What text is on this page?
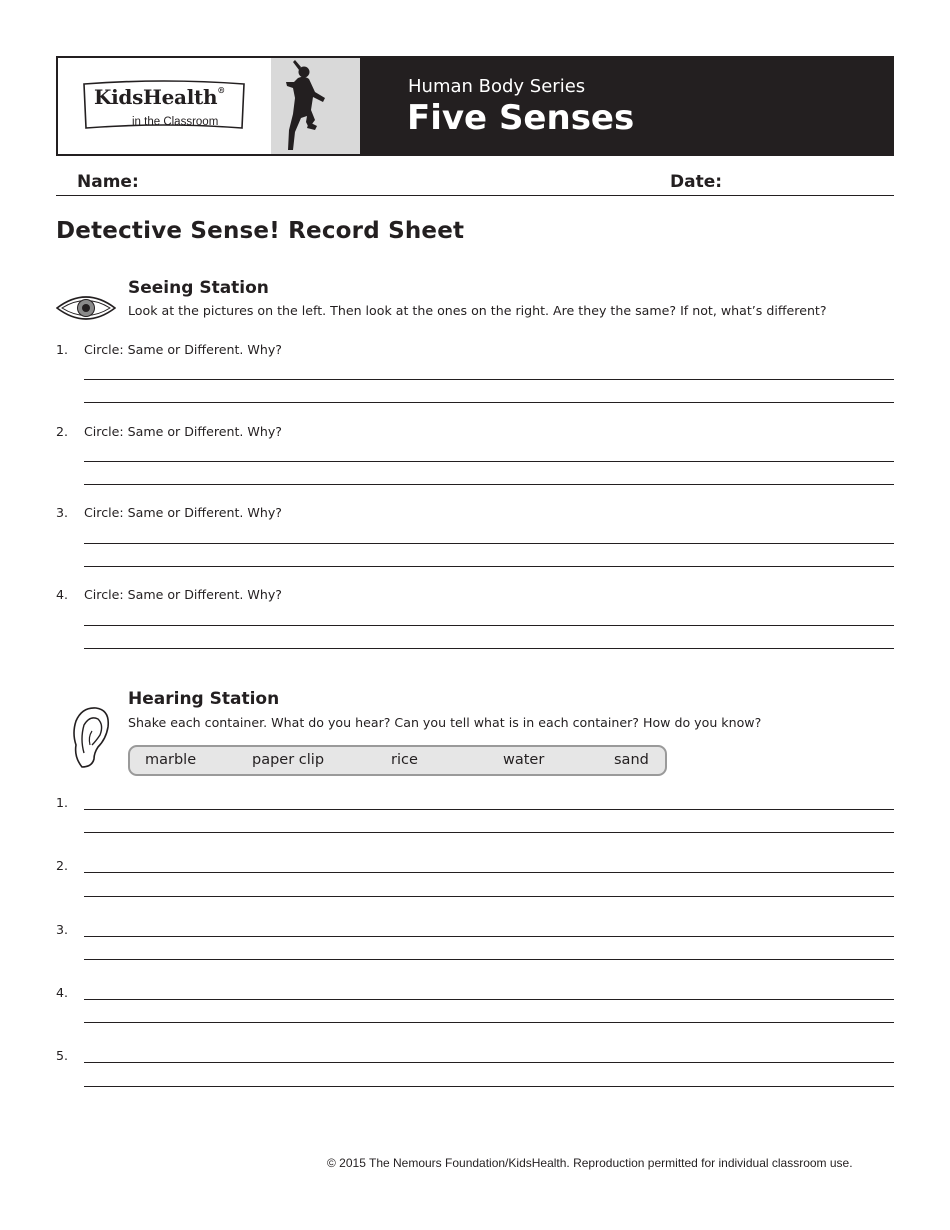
KidsHealth®
in the Classroom
Human Body Series
Five Senses
Name:	Date:
Detective Sense! Record Sheet
Seeing Station
Look at the pictures on the left. Then look at the ones on the right. Are they the same? If not, what’s different?
1. Circle: Same or Different. Why?
2. Circle: Same or Different. Why?
3. Circle: Same or Different. Why?
4. Circle: Same or Different. Why?
Hearing Station
Shake each container. What do you hear? Can you tell what is in each container? How do you know?
marble	paper clip	rice	water	sand
1.
2.
3.
4.
5.
© 2015 The Nemours Foundation/KidsHealth. Reproduction permitted for individual classroom use.
